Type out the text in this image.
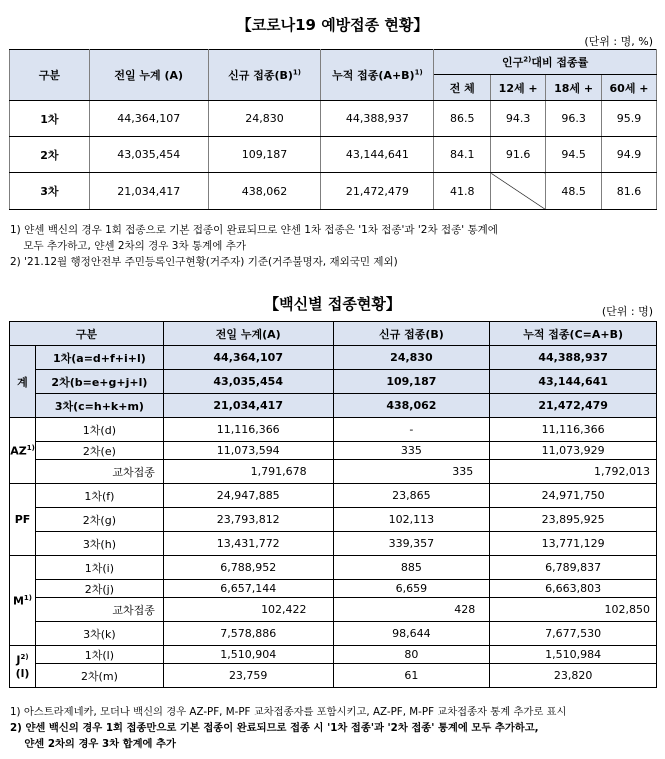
【코로나19 예방접종 현황】
(단위 : 명, %)
구분	전일 누계 (A)	신규 접종$(B)^{1)}$	누적 접종$(A+B)^{1)}$	인구$^{2)}$대비 접종률			
				전 체	12세 +	18세 +	60세 +
1차	44,364,107	24,830	44,388,937	86.5	94.3	96.3	95.9
2차	43,035,454	109,187	43,144,641	84.1	91.6	94.5	94.9
3차	21,034,417	438,062	21,472,479	41.8		48.5	81.6
1) 얀센 백신의 경우 1회 접종으로 기본 접종이 완료되므로 얀센 1차 접종은 '1차 접종'과 '2차 접종' 통계에
모두 추가하고, 얀센 2차의 경우 3차 통계에 추가
2) '21.12월 행정안전부 주민등록인구현황(거주자) 기준(거주불명자, 재외국민 제외)
【백신별 접종현황】	(단위 : 명)
구분		전일 누계(A)	신규 접종(B)	누적 접종(C=A+B)
계	1차(a=d+f+i+l)	44,364,107	24,830	44,388,937
	2차(b=e+g+j+l)	43,035,454	109,187	43,144,641
	3차(c=h+k+m)	21,034,417	438,062	21,472,479
AZ$^{1)}$	1차(d)	11,116,366	-	11,116,366
	2차(e)	11,073,594	335	11,073,929
	교차접종	1,791,678	335	1,792,013
PF	1차(f)	24,947,885	23,865	24,971,750
	2차(g)	23,793,812	102,113	23,895,925
	3차(h)	13,431,772	339,357	13,771,129
$M^{1)}$	1차(i)	6,788,952	885	6,789,837
	2차(j)	6,657,144	6,659	6,663,803
	교차접종	102,422	428	102,850
	3차(k)	7,578,886	98,644	7,677,530
$J^{2)}(l)$	1차(l)	1,510,904	80	1,510,984
	2차(m)	23,759	61	23,820
1) 아스트라제네카, 모더나 백신의 경우 AZ-PF, M-PF 교차접종자를 포함시키고, AZ-PF, M-PF 교차접종자 통계 추가로 표시
2) 얀센 백신의 경우 1회 접종만으로 기본 접종이 완료되므로 접종 시 '1차 접종'과 '2차 접종' 통계에 모두 추가하고,
얀센 2차의 경우 3차 합계에 추가
